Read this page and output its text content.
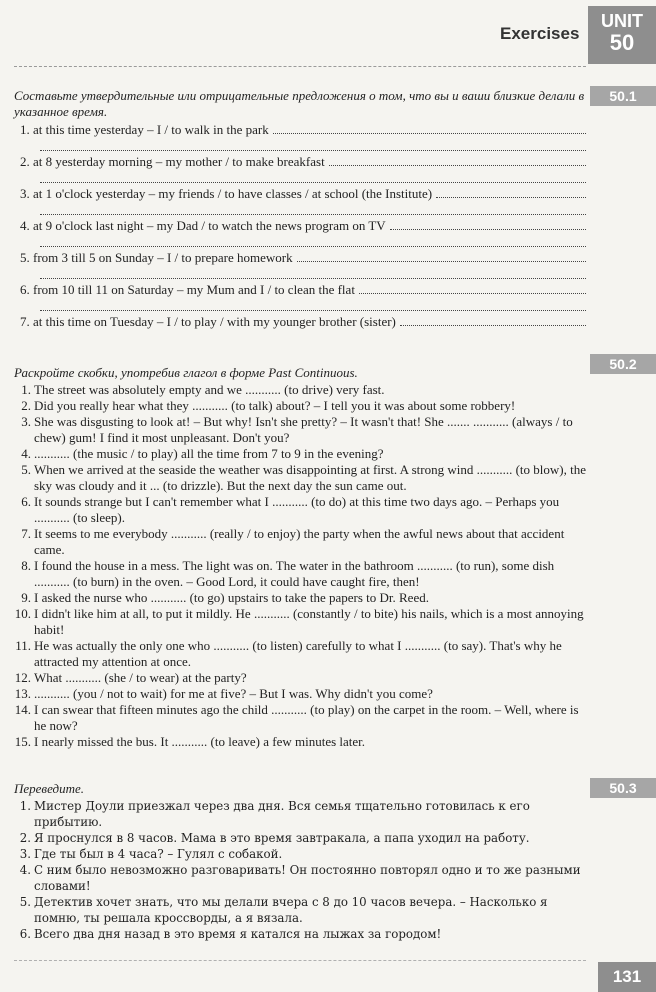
Exercises
UNIT
50
50.1
Составьте утвердительные или отрицательные предложения о том, что вы и ваши близкие делали в указанное время.
1. at this time yesterday – I / to walk in the park
2. at 8 yesterday morning – my mother / to make breakfast
3. at 1 o'clock yesterday – my friends / to have classes / at school (the Institute)
4. at 9 o'clock last night – my Dad / to watch the news program on TV
5. from 3 till 5 on Sunday – I / to prepare homework
6. from 10 till 11 on Saturday – my Mum and I / to clean the flat
7. at this time on Tuesday – I / to play / with my younger brother (sister)
50.2
Раскройте скобки, употребив глагол в форме Past Continuous.
1. The street was absolutely empty and we ........... (to drive) very fast.
2. Did you really hear what they ........... (to talk) about? – I tell you it was about some robbery!
3. She was disgusting to look at! – But why! Isn't she pretty? – It wasn't that! She ....... ........... (always / to chew) gum! I find it most unpleasant. Don't you?
4. ........... (the music / to play) all the time from 7 to 9 in the evening?
5. When we arrived at the seaside the weather was disappointing at first. A strong wind ........... (to blow), the sky was cloudy and it ... (to drizzle). But the next day the sun came out.
6. It sounds strange but I can't remember what I ........... (to do) at this time two days ago. – Perhaps you ........... (to sleep).
7. It seems to me everybody ........... (really / to enjoy) the party when the awful news about that accident came.
8. I found the house in a mess. The light was on. The water in the bathroom ........... (to run), some dish ........... (to burn) in the oven. – Good Lord, it could have caught fire, then!
9. I asked the nurse who ........... (to go) upstairs to take the papers to Dr. Reed.
10. I didn't like him at all, to put it mildly. He ........... (constantly / to bite) his nails, which is a most annoying habit!
11. He was actually the only one who ........... (to listen) carefully to what I ........... (to say). That's why he attracted my attention at once.
12. What ........... (she / to wear) at the party?
13. ........... (you / not to wait) for me at five? – But I was. Why didn't you come?
14. I can swear that fifteen minutes ago the child ........... (to play) on the carpet in the room. – Well, where is he now?
15. I nearly missed the bus. It ........... (to leave) a few minutes later.
50.3
Переведите.
1. Мистер Доули приезжал через два дня. Вся семья тщательно готовилась к его прибытию.
2. Я проснулся в 8 часов. Мама в это время завтракала, а папа уходил на работу.
3. Где ты был в 4 часа? – Гулял с собакой.
4. С ним было невозможно разговаривать! Он постоянно повторял одно и то же разными словами!
5. Детектив хочет знать, что мы делали вчера с 8 до 10 часов вечера. – Насколько я помню, ты решала кроссворды, а я вязала.
6. Всего два дня назад в это время я катался на лыжах за городом!
131
